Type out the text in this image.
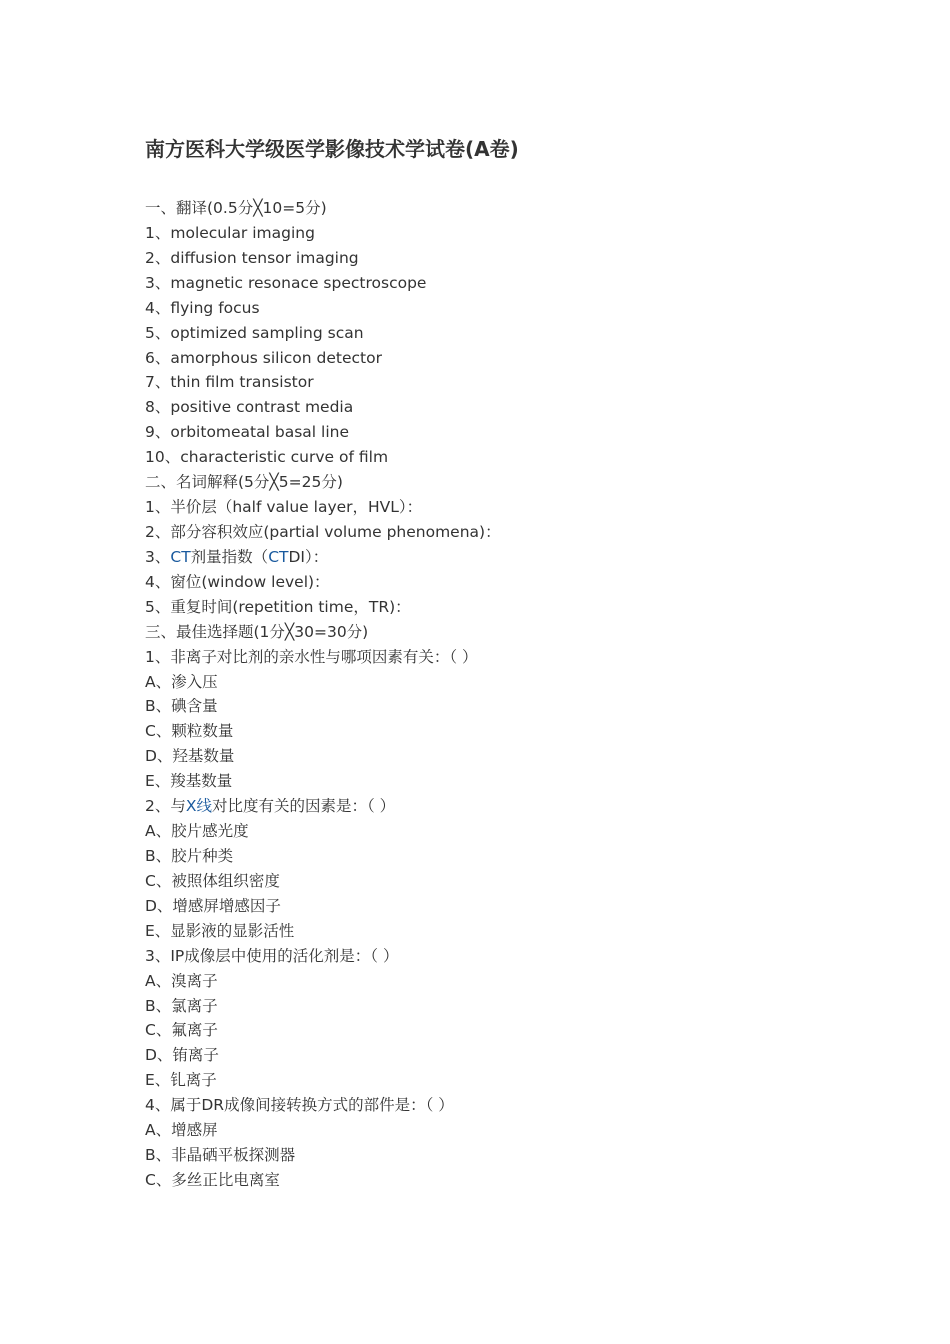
南方医科大学级医学影像技术学试卷(A卷)
一、翻译(0.5分╳10=5分)
1、molecular imaging
2、diffusion tensor imaging
3、magnetic resonace spectroscope
4、flying focus
5、optimized sampling scan
6、amorphous silicon detector
7、thin film transistor
8、positive contrast media
9、orbitomeatal basal line
10、characteristic curve of film
二、名词解释(5分╳5=25分)
1、半价层（half value layer，HVL）：
2、部分容积效应(partial volume phenomena)：
3、CT剂量指数（CTDI）：
4、窗位(window level)：
5、重复时间(repetition time，TR)：
三、最佳选择题(1分╳30=30分)
1、非离子对比剂的亲水性与哪项因素有关：（ ）
A、渗入压
B、碘含量
C、颗粒数量
D、羟基数量
E、羧基数量
2、与X线对比度有关的因素是：（ ）
A、胶片感光度
B、胶片种类
C、被照体组织密度
D、增感屏增感因子
E、显影液的显影活性
3、IP成像层中使用的活化剂是：（ ）
A、溴离子
B、氯离子
C、氟离子
D、铕离子
E、钆离子
4、属于DR成像间接转换方式的部件是：（ ）
A、增感屏
B、非晶硒平板探测器
C、多丝正比电离室
